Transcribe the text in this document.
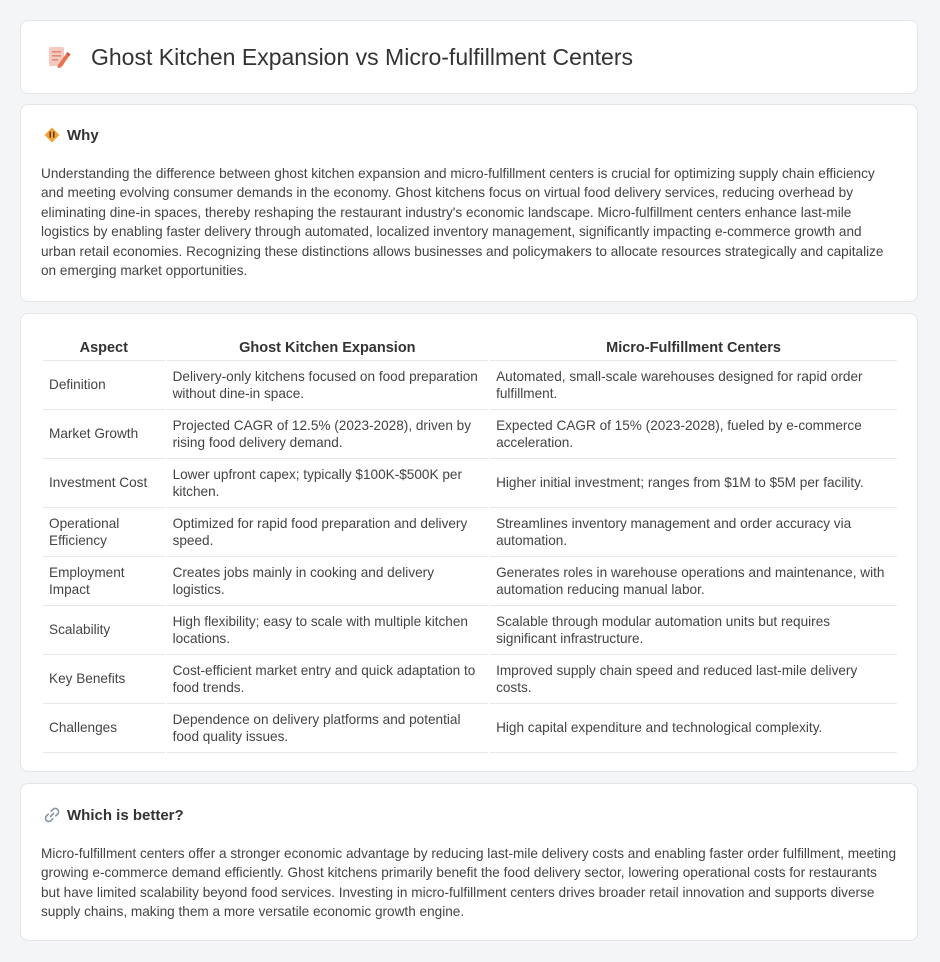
Ghost Kitchen Expansion vs Micro-fulfillment Centers
Why

Understanding the difference between ghost kitchen expansion and micro-fulfillment centers is crucial for optimizing supply chain efficiency and meeting evolving consumer demands in the economy. Ghost kitchens focus on virtual food delivery services, reducing overhead by eliminating dine-in spaces, thereby reshaping the restaurant industry's economic landscape. Micro-fulfillment centers enhance last-mile logistics by enabling faster delivery through automated, localized inventory management, significantly impacting e-commerce growth and urban retail economies. Recognizing these distinctions allows businesses and policymakers to allocate resources strategically and capitalize on emerging market opportunities.

Aspect	Ghost Kitchen Expansion	Micro-Fulfillment Centers
Definition	Delivery-only kitchens focused on food preparation without dine-in space.	Automated, small-scale warehouses designed for rapid order fulfillment.
Market Growth	Projected CAGR of 12.5% (2023-2028), driven by rising food delivery demand.	Expected CAGR of 15% (2023-2028), fueled by e-commerce acceleration.
Investment Cost	Lower upfront capex; typically $100K-$500K per kitchen.	Higher initial investment; ranges from $1M to $5M per facility.
Operational Efficiency	Optimized for rapid food preparation and delivery speed.	Streamlines inventory management and order accuracy via automation.
Employment Impact	Creates jobs mainly in cooking and delivery logistics.	Generates roles in warehouse operations and maintenance, with automation reducing manual labor.
Scalability	High flexibility; easy to scale with multiple kitchen locations.	Scalable through modular automation units but requires significant infrastructure.
Key Benefits	Cost-efficient market entry and quick adaptation to food trends.	Improved supply chain speed and reduced last-mile delivery costs.
Challenges	Dependence on delivery platforms and potential food quality issues.	High capital expenditure and technological complexity.
Which is better?

Micro-fulfillment centers offer a stronger economic advantage by reducing last-mile delivery costs and enabling faster order fulfillment, meeting growing e-commerce demand efficiently. Ghost kitchens primarily benefit the food delivery sector, lowering operational costs for restaurants but have limited scalability beyond food services. Investing in micro-fulfillment centers drives broader retail innovation and supports diverse supply chains, making them a more versatile economic growth engine.
